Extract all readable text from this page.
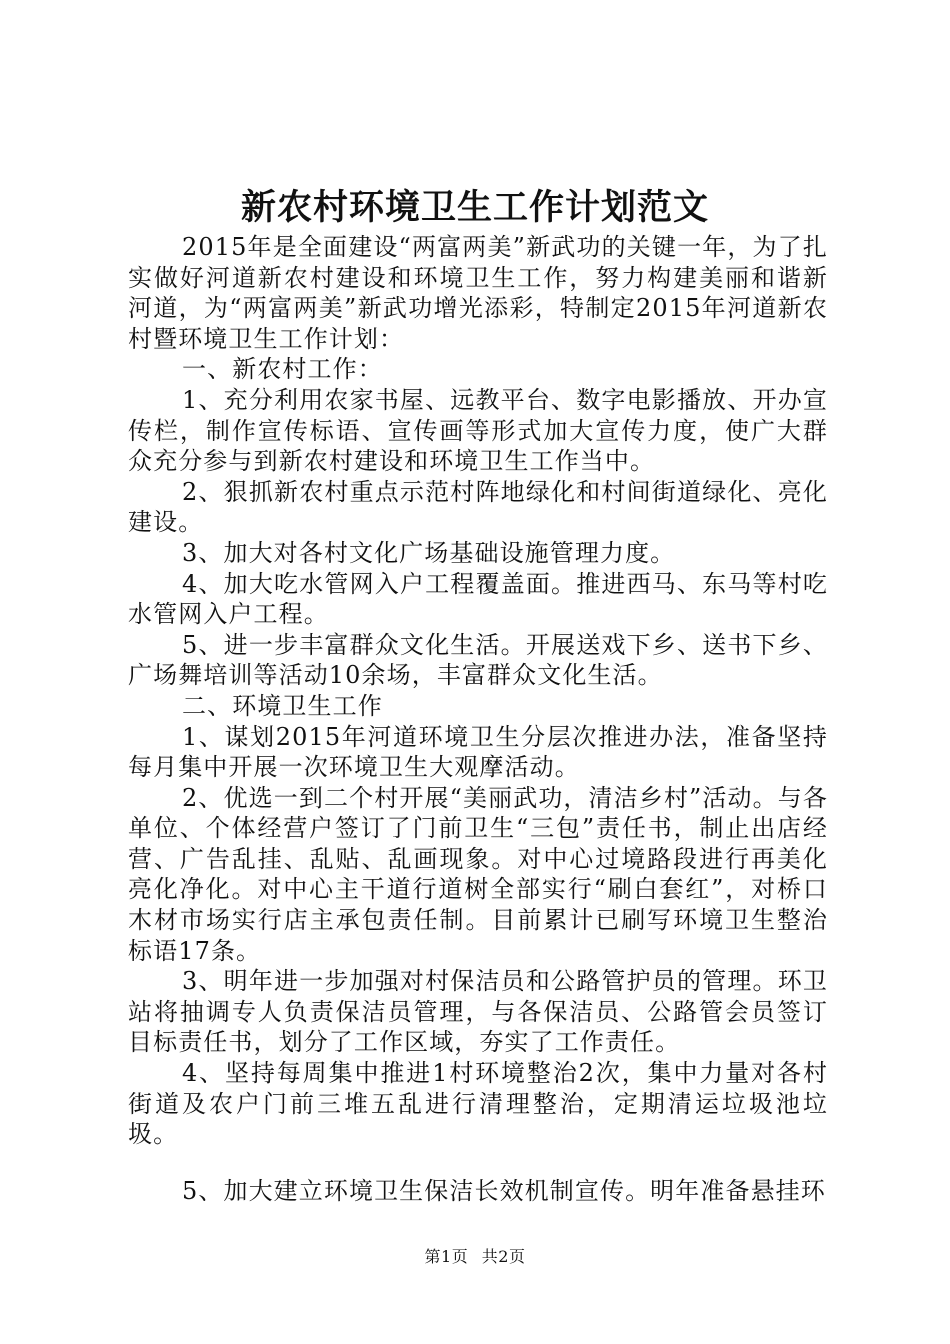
新农村环境卫生工作计划范文

2015年是全面建设“两富两美”新武功的关键一年，为了扎实做好河道新农村建设和环境卫生工作，努力构建美丽和谐新河道，为“两富两美”新武功增光添彩，特制定2015年河道新农村暨环境卫生工作计划：

一、新农村工作：

1、充分利用农家书屋、远教平台、数字电影播放、开办宣传栏，制作宣传标语、宣传画等形式加大宣传力度，使广大群众充分参与到新农村建设和环境卫生工作当中。

2、狠抓新农村重点示范村阵地绿化和村间街道绿化、亮化建设。

3、加大对各村文化广场基础设施管理力度。

4、加大吃水管网入户工程覆盖面。推进西马、东马等村吃水管网入户工程。

5、进一步丰富群众文化生活。开展送戏下乡、送书下乡、广场舞培训等活动10余场，丰富群众文化生活。

二、环境卫生工作

1、谋划2015年河道环境卫生分层次推进办法，准备坚持每月集中开展一次环境卫生大观摩活动。

2、优选一到二个村开展“美丽武功，清洁乡村”活动。与各单位、个体经营户签订了门前卫生“三包”责任书，制止出店经营、广告乱挂、乱贴、乱画现象。对中心过境路段进行再美化亮化净化。对中心主干道行道树全部实行“刷白套红”，对桥口木材市场实行店主承包责任制。目前累计已刷写环境卫生整治标语17条。

3、明年进一步加强对村保洁员和公路管护员的管理。环卫站将抽调专人负责保洁员管理，与各保洁员、公路管会员签订目标责任书，划分了工作区域，夯实了工作责任。

4、坚持每周集中推进1村环境整治2次，集中力量对各村街道及农户门前三堆五乱进行清理整治，定期清运垃圾池垃圾。

5、加大建立环境卫生保洁长效机制宣传。明年准备悬挂环

第1页 共2页
